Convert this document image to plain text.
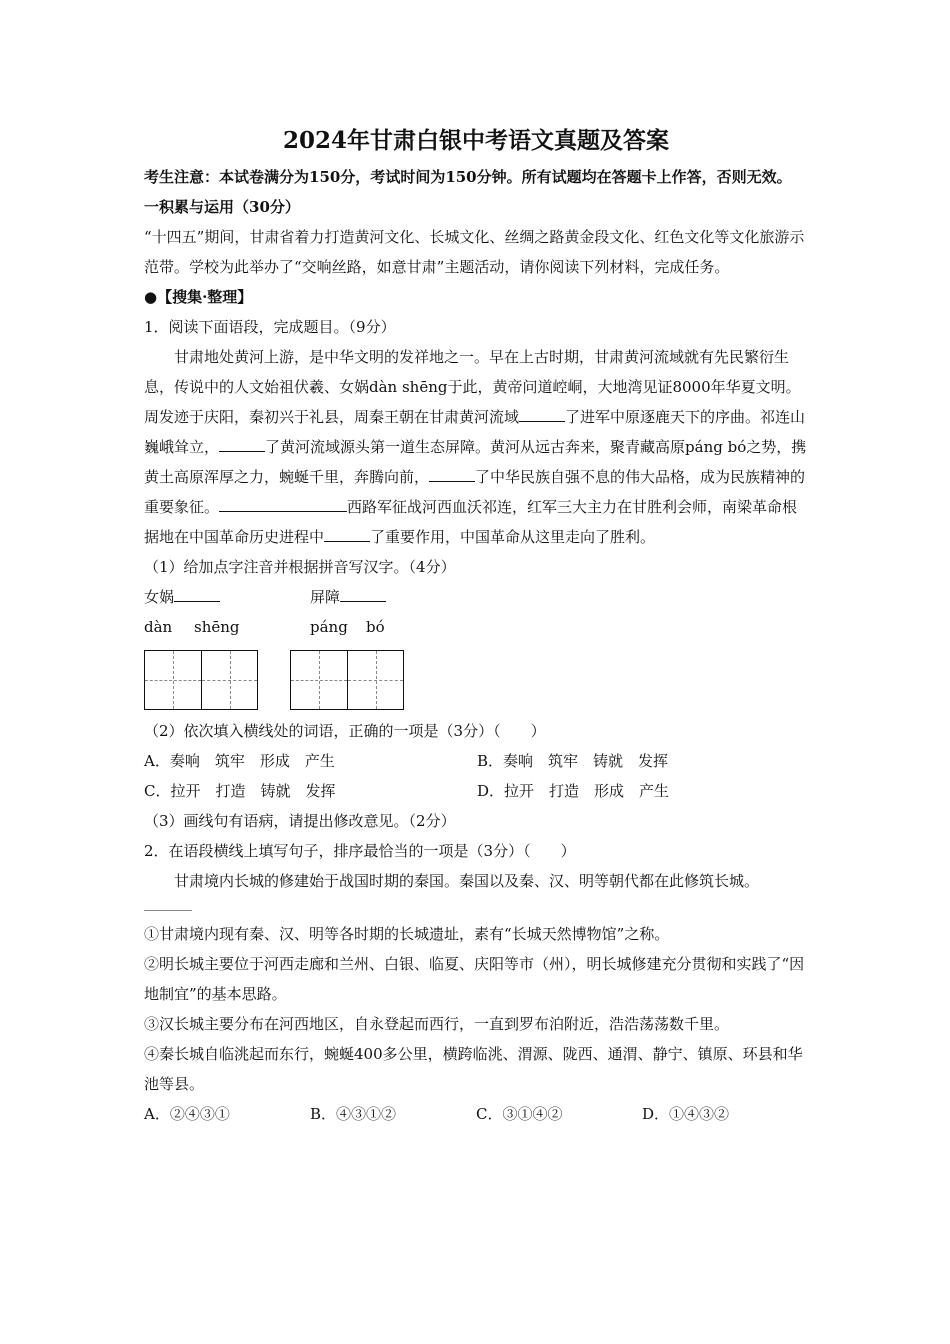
2024年甘肃白银中考语文真题及答案

考生注意：本试卷满分为150分，考试时间为150分钟。所有试题均在答题卡上作答，否则无效。

一积累与运用（30分）

“十四五”期间，甘肃省着力打造黄河文化、长城文化、丝绸之路黄金段文化、红色文化等文化旅游示范带。学校为此举办了“交响丝路，如意甘肃”主题活动，请你阅读下列材料，完成任务。

●【搜集·整理】

1．阅读下面语段，完成题目。（9分）

甘肃地处黄河上游，是中华文明的发祥地之一。早在上古时期，甘肃黄河流域就有先民繁衍生息，传说中的人文始祖伏羲、女娲dàn shēng于此，黄帝问道崆峒，大地湾见证8000年华夏文明。周发迹于庆阳，秦初兴于礼县，周秦王朝在甘肃黄河流域	了进军中原逐鹿天下的序曲。祁连山巍峨耸立，	了黄河流域源头第一道生态屏障。黄河从远古奔来，聚青藏高原páng bó之势，携黄土高原浑厚之力，蜿蜒千里，奔腾向前，	了中华民族自强不息的伟大品格，成为民族精神的重要象征。	西路军征战河西血沃祁连，红军三大主力在甘胜利会师，南梁革命根据地在中国革命历史进程中	了重要作用，中国革命从这里走向了胜利。

（1）给加点字注音并根据拼音写汉字。（4分）

女娲	屏障

dàn	shēng	páng	bó

（2）依次填入横线处的词语，正确的一项是（3分）（　　）

A．奏响　筑牢　形成　产生	B．奏响　筑牢　铸就　发挥
C．拉开　打造　铸就　发挥	D．拉开　打造　形成　产生

（3）画线句有语病，请提出修改意见。（2分）

2．在语段横线上填写句子，排序最恰当的一项是（3分）（　　）

甘肃境内长城的修建始于战国时期的秦国。秦国以及秦、汉、明等朝代都在此修筑长城。

①甘肃境内现有秦、汉、明等各时期的长城遗址，素有“长城天然博物馆”之称。

②明长城主要位于河西走廊和兰州、白银、临夏、庆阳等市（州），明长城修建充分贯彻和实践了“因地制宜”的基本思路。

③汉长城主要分布在河西地区，自永登起而西行，一直到罗布泊附近，浩浩荡荡数千里。

④秦长城自临洮起而东行，蜿蜒400多公里，横跨临洮、渭源、陇西、通渭、静宁、镇原、环县和华池等县。

A．②④③①	B．④③①②	C．③①④②	D．①④③②
